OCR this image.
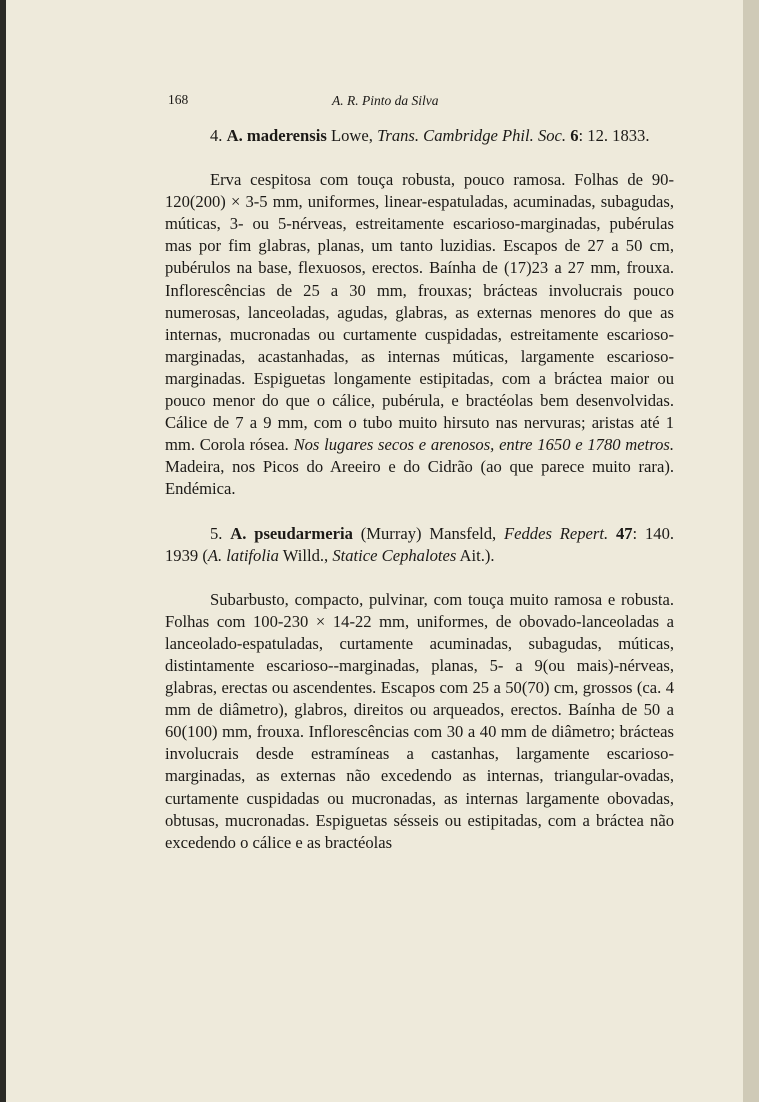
168	A. R. Pinto da Silva

4. A. maderensis Lowe, Trans. Cambridge Phil. Soc. 6: 12. 1833.

Erva cespitosa com touça robusta, pouco ramosa. Folhas de 90-120(200) × 3-5 mm, uniformes, linear-espatuladas, acuminadas, subagudas, múticas, 3- ou 5-nérveas, estreitamente escarioso-marginadas, pubérulas mas por fim glabras, planas, um tanto luzidias. Escapos de 27 a 50 cm, pubérulos na base, flexuosos, erectos. Baínha de (17)23 a 27 mm, frouxa. Inflorescências de 25 a 30 mm, frouxas; brácteas involucrais pouco numerosas, lanceoladas, agudas, glabras, as externas menores do que as internas, mucronadas ou curtamente cuspidadas, estreitamente escarioso-marginadas, acastanhadas, as internas múticas, largamente escarioso-marginadas. Espiguetas longamente estipitadas, com a bráctea maior ou pouco menor do que o cálice, pubérula, e bractéolas bem desenvolvidas. Cálice de 7 a 9 mm, com o tubo muito hirsuto nas nervuras; aristas até 1 mm. Corola rósea. Nos lugares secos e arenosos, entre 1650 e 1780 metros. Madeira, nos Picos do Areeiro e do Cidrão (ao que parece muito rara). Endémica.

5. A. pseudarmeria (Murray) Mansfeld, Feddes Repert. 47: 140. 1939 (A. latifolia Willd., Statice Cephalotes Ait.).

Subarbusto, compacto, pulvinar, com touça muito ramosa e robusta. Folhas com 100-230 × 14-22 mm, uniformes, de obovado-lanceoladas a lanceolado-espatuladas, curtamente acuminadas, subagudas, múticas, distintamente escarioso--marginadas, planas, 5- a 9(ou mais)-nérveas, glabras, erectas ou ascendentes. Escapos com 25 a 50(70) cm, grossos (ca. 4 mm de diâmetro), glabros, direitos ou arqueados, erectos. Baínha de 50 a 60(100) mm, frouxa. Inflorescências com 30 a 40 mm de diâmetro; brácteas involucrais desde estramíneas a castanhas, largamente escarioso-marginadas, as externas não excedendo as internas, triangular-ovadas, curtamente cuspidadas ou mucronadas, as internas largamente obovadas, obtusas, mucronadas. Espiguetas sésseis ou estipitadas, com a bráctea não excedendo o cálice e as bractéolas
